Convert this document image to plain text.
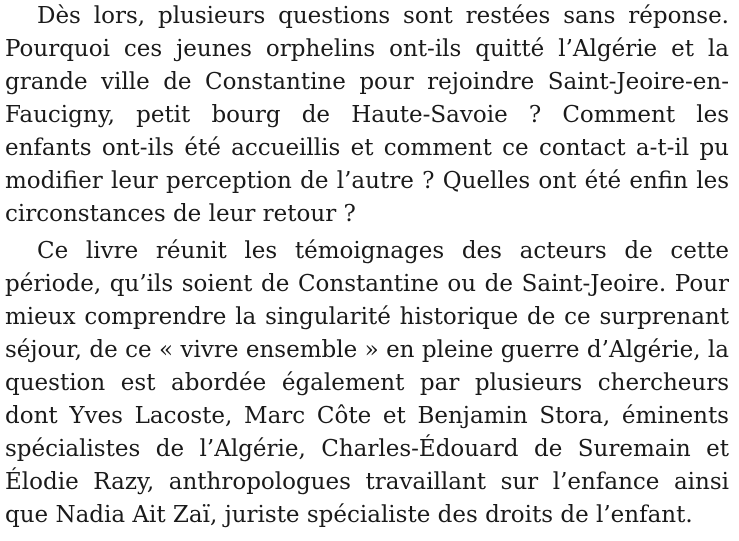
Dès lors, plusieurs questions sont restées sans réponse.
Pourquoi ces jeunes orphelins ont-ils quitté l’Algérie et la
grande ville de Constantine pour rejoindre Saint-Jeoire-en-
Faucigny, petit bourg de Haute-Savoie ? Comment les
enfants ont-ils été accueillis et comment ce contact a-t-il pu
modifier leur perception de l’autre ? Quelles ont été enfin les
circonstances de leur retour ?
Ce livre réunit les témoignages des acteurs de cette
période, qu’ils soient de Constantine ou de Saint-Jeoire. Pour
mieux comprendre la singularité historique de ce surprenant
séjour, de ce « vivre ensemble » en pleine guerre d’Algérie, la
question est abordée également par plusieurs chercheurs
dont Yves Lacoste, Marc Côte et Benjamin Stora, éminents
spécialistes de l’Algérie, Charles-Édouard de Suremain et
Élodie Razy, anthropologues travaillant sur l’enfance ainsi
que Nadia Ait Zaï, juriste spécialiste des droits de l’enfant.
